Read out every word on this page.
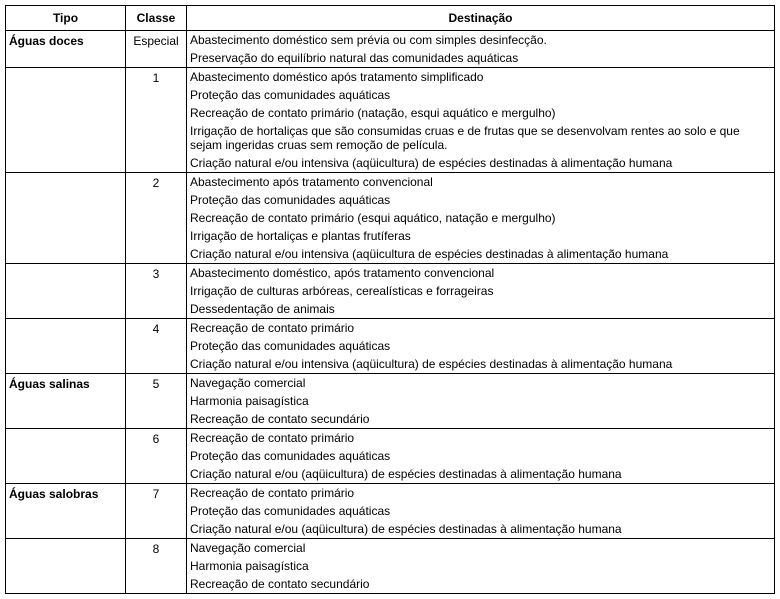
Tipo	Classe	Destinação
Águas doces	Especial	Abastecimento doméstico sem prévia ou com simples desinfecção.
Preservação do equilíbrio natural das comunidades aquáticas

	1	Abastecimento doméstico após tratamento simplificado
Proteção das comunidades aquáticas
Recreação de contato primário (natação, esqui aquático e mergulho)
Irrigação de hortaliças que são consumidas cruas e de frutas que se desenvolvam rentes ao solo e que sejam ingeridas cruas sem remoção de película.
Criação natural e/ou intensiva (aqüicultura) de espécies destinadas à alimentação humana

	2	Abastecimento após tratamento convencional
Proteção das comunidades aquáticas
Recreação de contato primário (esqui aquático, natação e mergulho)
Irrigação de hortaliças e plantas frutíferas
Criação natural e/ou intensiva (aqüicultura de espécies destinadas à alimentação humana

	3	Abastecimento doméstico, após tratamento convencional
Irrigação de culturas arbóreas, cerealísticas e forrageiras
Dessedentação de animais

	4	Recreação de contato primário
Proteção das comunidades aquáticas
Criação natural e/ou intensiva (aqüicultura) de espécies destinadas à alimentação humana

Águas salinas	5	Navegação comercial
Harmonia paisagística
Recreação de contato secundário

	6	Recreação de contato primário
Proteção das comunidades aquáticas
Criação natural e/ou (aqüicultura) de espécies destinadas à alimentação humana

Águas salobras	7	Recreação de contato primário
Proteção das comunidades aquáticas
Criação natural e/ou (aqüicultura) de espécies destinadas à alimentação humana

	8	Navegação comercial
Harmonia paisagística
Recreação de contato secundário
